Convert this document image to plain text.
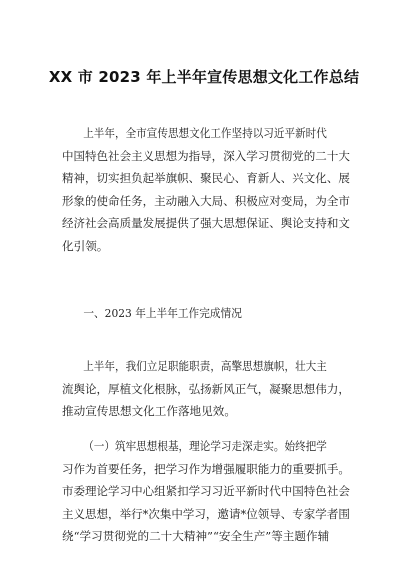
XX 市 2023 年上半年宣传思想文化工作总结
上半年，全市宣传思想文化工作坚持以习近平新时代
中国特色社会主义思想为指导，深入学习贯彻党的二十大
精神，切实担负起举旗帜、聚民心、育新人、兴文化、展
形象的使命任务，主动融入大局、积极应对变局，为全市
经济社会高质量发展提供了强大思想保证、舆论支持和文
化引领。
一、2023 年上半年工作完成情况
上半年，我们立足职能职责，高擎思想旗帜，壮大主
流舆论，厚植文化根脉，弘扬新风正气，凝聚思想伟力，
推动宣传思想文化工作落地见效。
（一）筑牢思想根基，理论学习走深走实。始终把学
习作为首要任务，把学习作为增强履职能力的重要抓手。
市委理论学习中心组紧扣学习习近平新时代中国特色社会
主义思想，举行*次集中学习，邀请*位领导、专家学者围
绕“学习贯彻党的二十大精神”“安全生产”等主题作辅
